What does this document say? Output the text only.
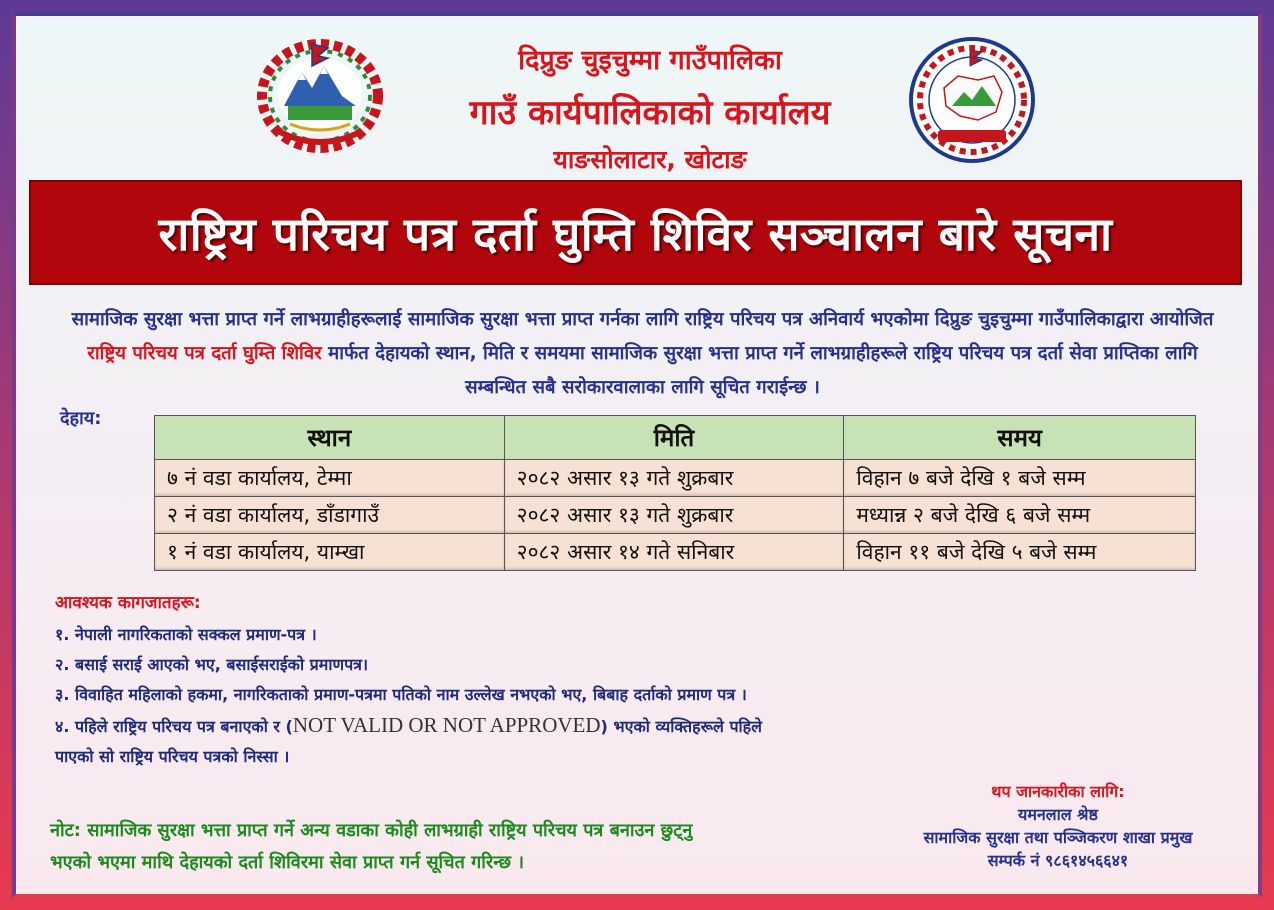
दिप्रुङ चुइचुम्मा गाउँपालिका
गाउँ कार्यपालिकाको कार्यालय
याङसोलाटार, खोटाङ
राष्ट्रिय परिचय पत्र दर्ता घुम्ति शिविर सञ्चालन बारे सूचना
सामाजिक सुरक्षा भत्ता प्राप्त गर्ने लाभग्राहीहरूलाई सामाजिक सुरक्षा भत्ता प्राप्त गर्नका लागि राष्ट्रिय परिचय पत्र अनिवार्य भएकोमा दिप्रुङ चुइचुम्मा गाउँपालिकाद्वारा आयोजित राष्ट्रिय परिचय पत्र दर्ता घुम्ति शिविर मार्फत देहायको स्थान, मिति र समयमा सामाजिक सुरक्षा भत्ता प्राप्त गर्ने लाभग्राहीहरूले राष्ट्रिय परिचय पत्र दर्ता सेवा प्राप्तिका लागि सम्बन्धित सबै सरोकारवालाका लागि सूचित गराईन्छ ।
देहाय:
स्थान	मिति	समय
७ नं वडा कार्यालय, टेम्मा	२०८२ असार १३ गते शुक्रबार	विहान ७ बजे देखि १ बजे सम्म
२ नं वडा कार्यालय, डाँडागाउँ	२०८२ असार १३ गते शुक्रबार	मध्यान्न २ बजे देखि ६ बजे सम्म
१ नं वडा कार्यालय, याम्खा	२०८२ असार १४ गते सनिबार	विहान ११ बजे देखि ५ बजे सम्म
आवश्यक कागजातहरू:
१. नेपाली नागरिकताको सक्कल प्रमाण-पत्र ।
२. बसाई सराई आएको भए, बसाईसराईको प्रमाणपत्र।
३. विवाहित महिलाको हकमा, नागरिकताको प्रमाण-पत्रमा पतिको नाम उल्लेख नभएको भए, बिबाह दर्ताको प्रमाण पत्र ।
४. पहिले राष्ट्रिय परिचय पत्र बनाएको र (NOT VALID OR NOT APPROVED) भएको व्यक्तिहरूले पहिले
पाएको सो राष्ट्रिय परिचय पत्रको निस्सा ।
थप जानकारीका लागि:
यमनलाल श्रेष्ठ
सामाजिक सुरक्षा तथा पञ्जिकरण शाखा प्रमुख
सम्पर्क नं ९८६१४५६६४१
नोट: सामाजिक सुरक्षा भत्ता प्राप्त गर्ने अन्य वडाका कोही लाभग्राही राष्ट्रिय परिचय पत्र बनाउन छुट्नु
भएको भएमा माथि देहायको दर्ता शिविरमा सेवा प्राप्त गर्न सूचित गरिन्छ ।
